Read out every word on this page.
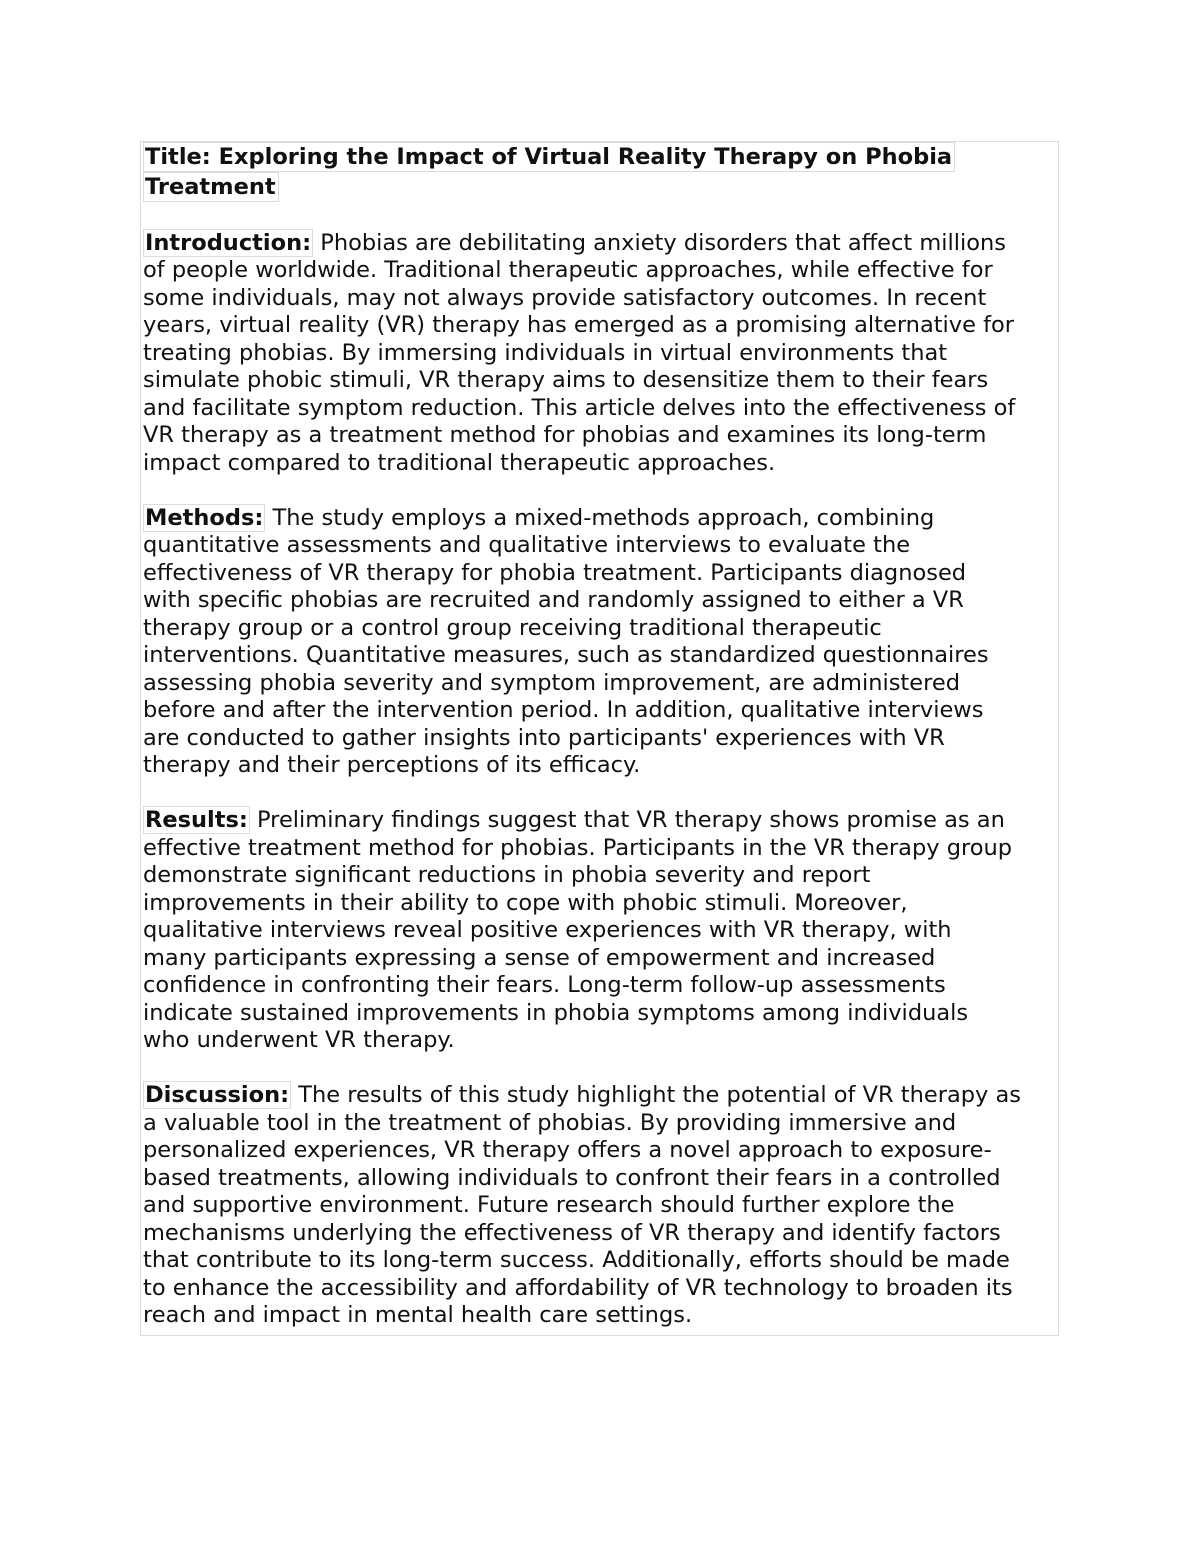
Title: Exploring the Impact of Virtual Reality Therapy on Phobia
Treatment
Introduction: Phobias are debilitating anxiety disorders that affect millions
of people worldwide. Traditional therapeutic approaches, while effective for
some individuals, may not always provide satisfactory outcomes. In recent
years, virtual reality (VR) therapy has emerged as a promising alternative for
treating phobias. By immersing individuals in virtual environments that
simulate phobic stimuli, VR therapy aims to desensitize them to their fears
and facilitate symptom reduction. This article delves into the effectiveness of
VR therapy as a treatment method for phobias and examines its long-term
impact compared to traditional therapeutic approaches.
Methods: The study employs a mixed-methods approach, combining
quantitative assessments and qualitative interviews to evaluate the
effectiveness of VR therapy for phobia treatment. Participants diagnosed
with specific phobias are recruited and randomly assigned to either a VR
therapy group or a control group receiving traditional therapeutic
interventions. Quantitative measures, such as standardized questionnaires
assessing phobia severity and symptom improvement, are administered
before and after the intervention period. In addition, qualitative interviews
are conducted to gather insights into participants' experiences with VR
therapy and their perceptions of its efficacy.
Results: Preliminary findings suggest that VR therapy shows promise as an
effective treatment method for phobias. Participants in the VR therapy group
demonstrate significant reductions in phobia severity and report
improvements in their ability to cope with phobic stimuli. Moreover,
qualitative interviews reveal positive experiences with VR therapy, with
many participants expressing a sense of empowerment and increased
confidence in confronting their fears. Long-term follow-up assessments
indicate sustained improvements in phobia symptoms among individuals
who underwent VR therapy.
Discussion: The results of this study highlight the potential of VR therapy as
a valuable tool in the treatment of phobias. By providing immersive and
personalized experiences, VR therapy offers a novel approach to exposure-
based treatments, allowing individuals to confront their fears in a controlled
and supportive environment. Future research should further explore the
mechanisms underlying the effectiveness of VR therapy and identify factors
that contribute to its long-term success. Additionally, efforts should be made
to enhance the accessibility and affordability of VR technology to broaden its
reach and impact in mental health care settings.
